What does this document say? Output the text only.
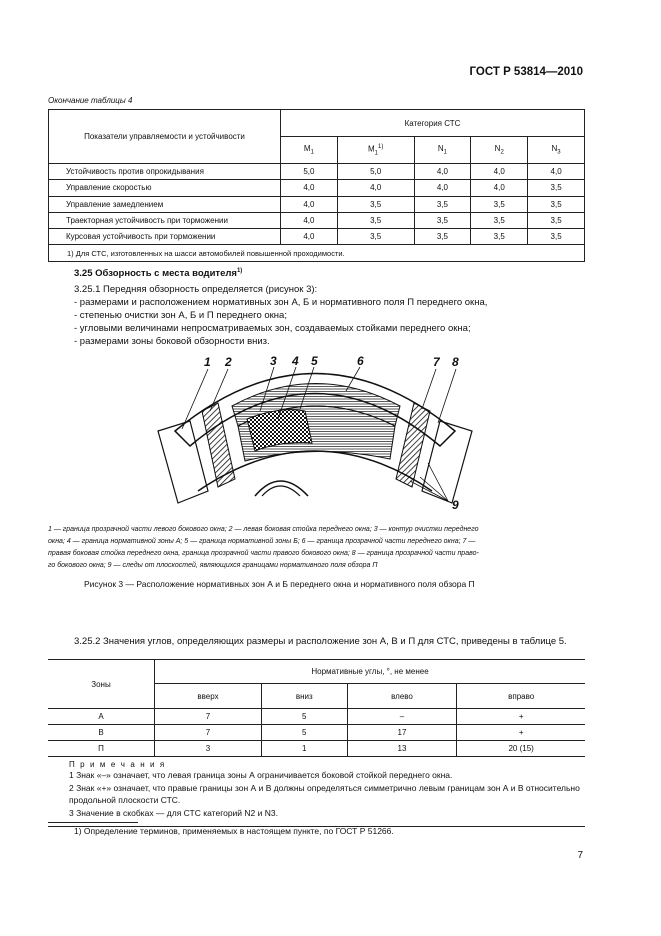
ГОСТ Р 53814—2010
Окончание таблицы 4
Показатели управляемости и устойчивости	Категория СТС				
	$M_1$	$M_1^{1)}$	$N_1$	$N_2$	$N_3$
Устойчивость против опрокидывания	5,0	5,0	4,0	4,0	4,0
Управление скоростью	4,0	4,0	4,0	4,0	3,5
Управление замедлением	4,0	3,5	3,5	3,5	3,5
Траекторная устойчивость при торможении	4,0	3,5	3,5	3,5	3,5
Курсовая устойчивость при торможении	4,0	3,5	3,5	3,5	3,5
1) Для СТС, изготовленных на шасси автомобилей повышенной проходимости.					
3.25 Обзорность с места водителя$^{1)}$
3.25.1 Передняя обзорность определяется (рисунок 3):
- размерами и расположением нормативных зон А, Б и нормативного поля П переднего окна,
- степенью очистки зон А, Б и П переднего окна;
- угловыми величинами непросматриваемых зон, создаваемых стойками переднего окна;
- размерами зоны боковой обзорности вниз.
1 2	3 4 5	6	7 8
9
1 — граница прозрачной части левого бокового окна; 2 — левая боковая стойка переднего окна; 3 — контур очистки переднего
окна; 4 — граница нормативной зоны А; 5 — граница нормативной зоны Б; 6 — граница прозрачной части переднего окна; 7 —
правая боковая стойка переднего окна, граница прозрачной части правого бокового окна; 8 — граница прозрачной части право-
го бокового окна; 9 — следы от плоскостей, являющихся границами нормативного поля обзора П
Рисунок 3 — Расположение нормативных зон А и Б переднего окна и нормативного поля обзора П
3.25.2 Значения углов, определяющих размеры и расположение зон А, В и П для СТС, приведены в таблице 5.
Зоны	Нормативные углы, °, не менее			
	вверх	вниз	влево	вправо
А	7	5	–	+
В	7	5	17	+
П	3	1	13	20 (15)

П р и м е ч а н и я
1 Знак «–» означает, что левая граница зоны А ограничивается боковой стойкой переднего окна.
2 Знак «+» означает, что правые границы зон А и В должны определяться симметрично левым границам зон А и В относительно продольной плоскости СТС.
3 Значение в скобках — для СТС категорий N2 и N3.				
1) Определение терминов, применяемых в настоящем пункте, по ГОСТ Р 51266.
7
